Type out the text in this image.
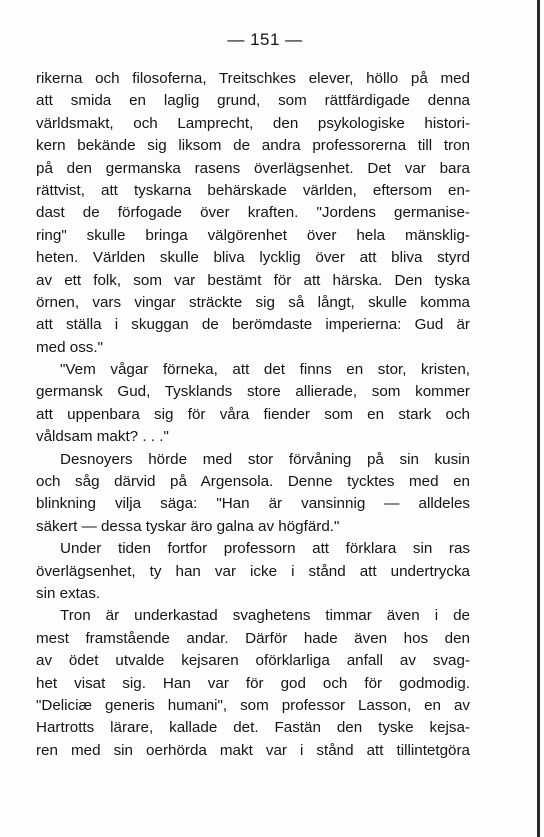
— 151 —
rikerna och filosoferna, Treitschkes elever, höllo på med
att smida en laglig grund, som rättfärdigade denna
världsmakt, och Lamprecht, den psykologiske histori-
kern bekände sig liksom de andra professorerna till tron
på den germanska rasens överlägsenhet. Det var bara
rättvist, att tyskarna behärskade världen, eftersom en-
dast de förfogade över kraften. "Jordens germanise-
ring" skulle bringa välgörenhet över hela mänsklig-
heten. Världen skulle bliva lycklig över att bliva styrd
av ett folk, som var bestämt för att härska. Den tyska
örnen, vars vingar sträckte sig så långt, skulle komma
att ställa i skuggan de berömdaste imperierna: Gud är
med oss."
"Vem vågar förneka, att det finns en stor, kristen,
germansk Gud, Tysklands store allierade, som kommer
att uppenbara sig för våra fiender som en stark och
våldsam makt? . . ."
Desnoyers hörde med stor förvåning på sin kusin
och såg därvid på Argensola. Denne tycktes med en
blinkning vilja säga: "Han är vansinnig — alldeles
säkert — dessa tyskar äro galna av högfärd."
Under tiden fortfor professorn att förklara sin ras
överlägsenhet, ty han var icke i stånd att undertrycka
sin extas.
Tron är underkastad svaghetens timmar även i de
mest framstående andar. Därför hade även hos den
av ödet utvalde kejsaren oförklarliga anfall av svag-
het visat sig. Han var för god och för godmodig.
"Deliciæ generis humani", som professor Lasson, en av
Hartrotts lärare, kallade det. Fastän den tyske kejsa-
ren med sin oerhörda makt var i stånd att tillintetgöra
